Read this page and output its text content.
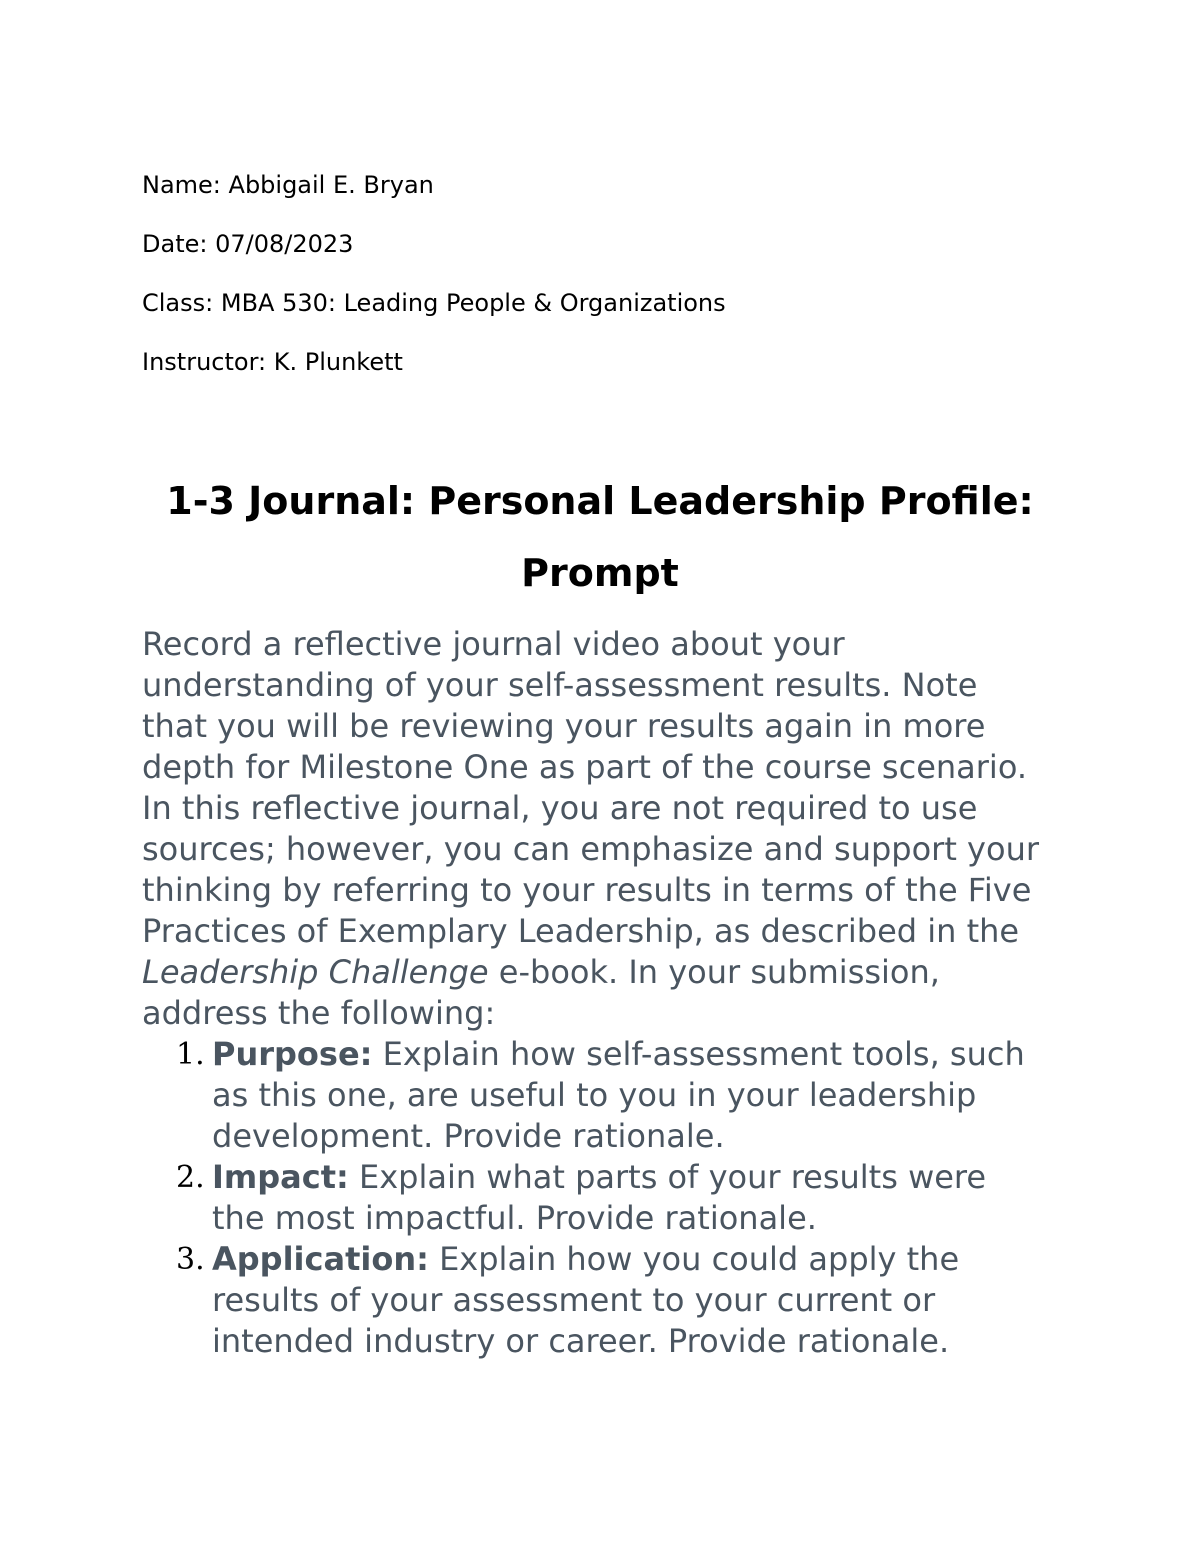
Name: Abbigail E. Bryan
Date: 07/08/2023
Class: MBA 530: Leading People & Organizations
Instructor: K. Plunkett
1-3 Journal: Personal Leadership Profile:
Prompt

Record a reflective journal video about your understanding of your self-assessment results. Note that you will be reviewing your results again in more depth for Milestone One as part of the course scenario. In this reflective journal, you are not required to use sources; however, you can emphasize and support your thinking by referring to your results in terms of the Five Practices of Exemplary Leadership, as described in the Leadership Challenge e-book. In your submission, address the following:

1. Purpose: Explain how self-assessment tools, such as this one, are useful to you in your leadership development. Provide rationale.
2. Impact: Explain what parts of your results were the most impactful. Provide rationale.
3. Application: Explain how you could apply the results of your assessment to your current or intended industry or career. Provide rationale.
